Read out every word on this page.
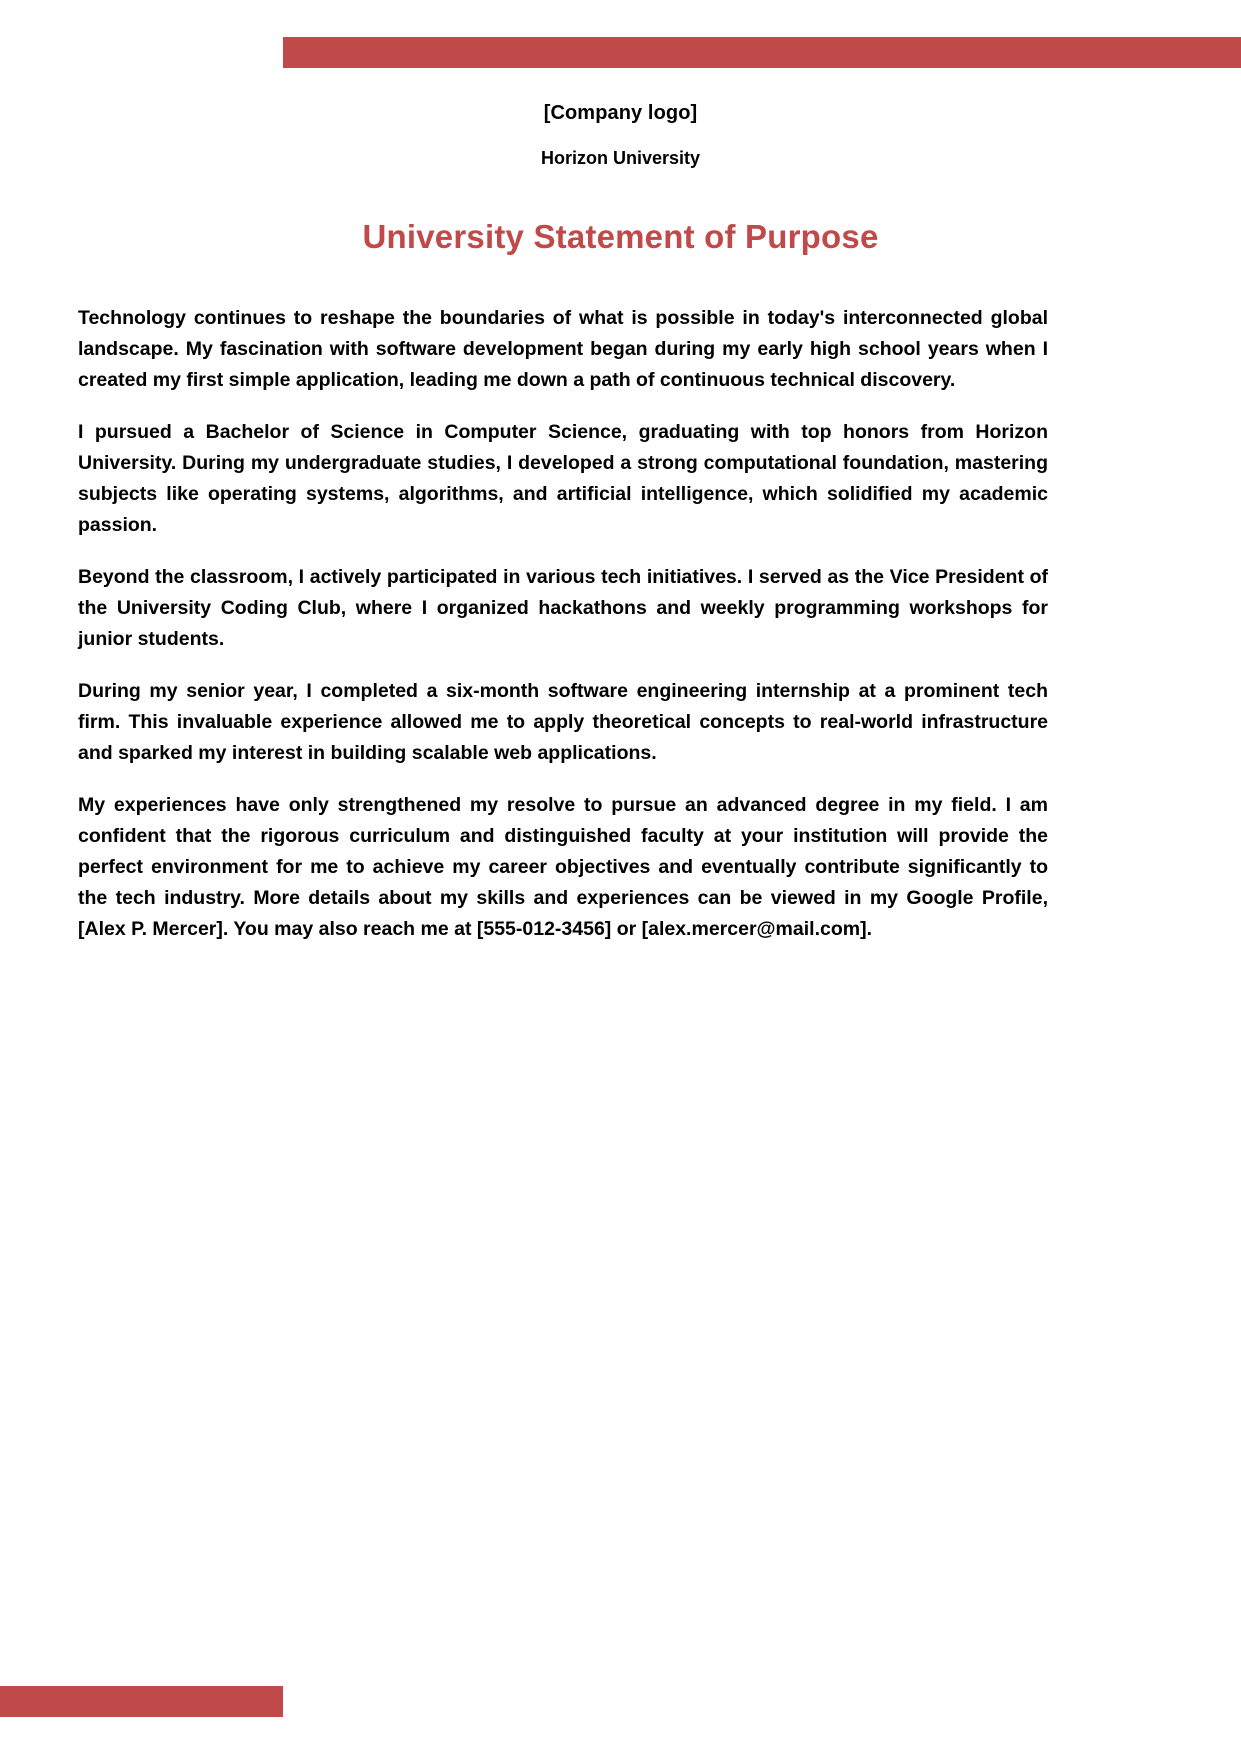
[Company logo]
Horizon University
University Statement of Purpose

Technology continues to reshape the boundaries of what is possible in today's interconnected global landscape. My fascination with software development began during my early high school years when I created my first simple application, leading me down a path of continuous technical discovery.

I pursued a Bachelor of Science in Computer Science, graduating with top honors from Horizon University. During my undergraduate studies, I developed a strong computational foundation, mastering subjects like operating systems, algorithms, and artificial intelligence, which solidified my academic passion.

Beyond the classroom, I actively participated in various tech initiatives. I served as the Vice President of the University Coding Club, where I organized hackathons and weekly programming workshops for junior students.

During my senior year, I completed a six-month software engineering internship at a prominent tech firm. This invaluable experience allowed me to apply theoretical concepts to real-world infrastructure and sparked my interest in building scalable web applications.

My experiences have only strengthened my resolve to pursue an advanced degree in my field. I am confident that the rigorous curriculum and distinguished faculty at your institution will provide the perfect environment for me to achieve my career objectives and eventually contribute significantly to the tech industry. More details about my skills and experiences can be viewed in my Google Profile, [Alex P. Mercer]. You may also reach me at [555-012-3456] or [alex.mercer@mail.com].
